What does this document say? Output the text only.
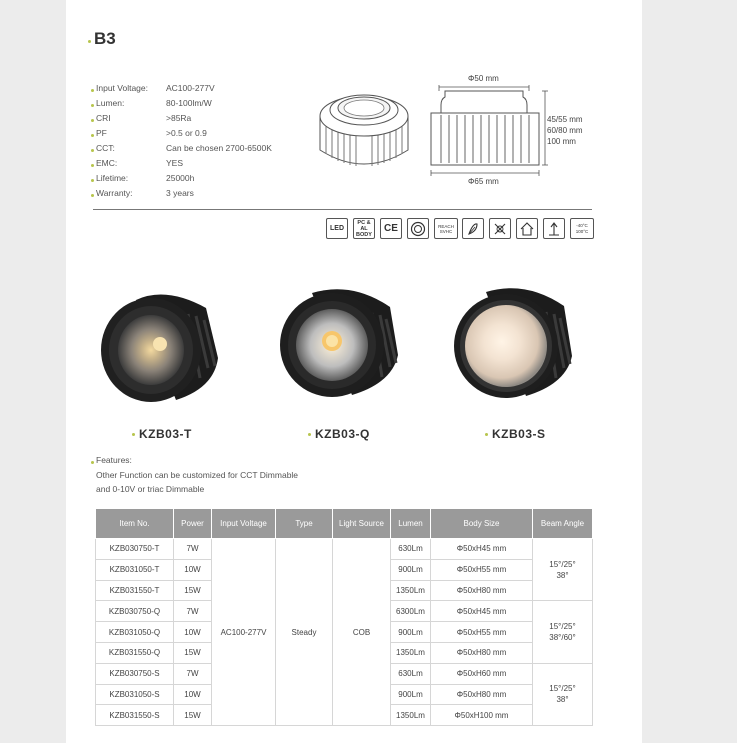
B3
Input Voltage: AC100-277V
Lumen:	80-100lm/W
CRI	>85Ra
PF	>0.5 or 0.9
CCT:	Can be chosen 2700-6500K
EMC:	YES
Lifetime:	25000h
Warranty:	3 years
Φ50 mm
Φ65 mm
45/55 mm
60/80 mm
100 mm
LED
PC & AL BODY
CE	REACH SVHC
-40°C 100°C
KZB03-T	KZB03-Q	KZB03-S
Features:
Other Function can be customized for CCT Dimmable
and 0-10V or triac Dimmable
Item No.	Power	Input Voltage	Type	Light Source	Lumen	Body Size	Beam Angle
KZB030750-T	7W	AC100-277V	Steady	COB	630Lm	Φ50xH45 mm	15°/25°
38°
KZB031050-T	10W				900Lm	Φ50xH55 mm	
KZB031550-T	15W				1350Lm	Φ50xH80 mm	
KZB030750-Q	7W				6300Lm	Φ50xH45 mm	15°/25°
38°/60°
KZB031050-Q	10W				900Lm	Φ50xH55 mm	
KZB031550-Q	15W				1350Lm	Φ50xH80 mm	
KZB030750-S	7W				630Lm	Φ50xH60 mm	15°/25°
38°
KZB031050-S	10W				900Lm	Φ50xH80 mm	
KZB031550-S	15W				1350Lm	Φ50xH100 mm	
